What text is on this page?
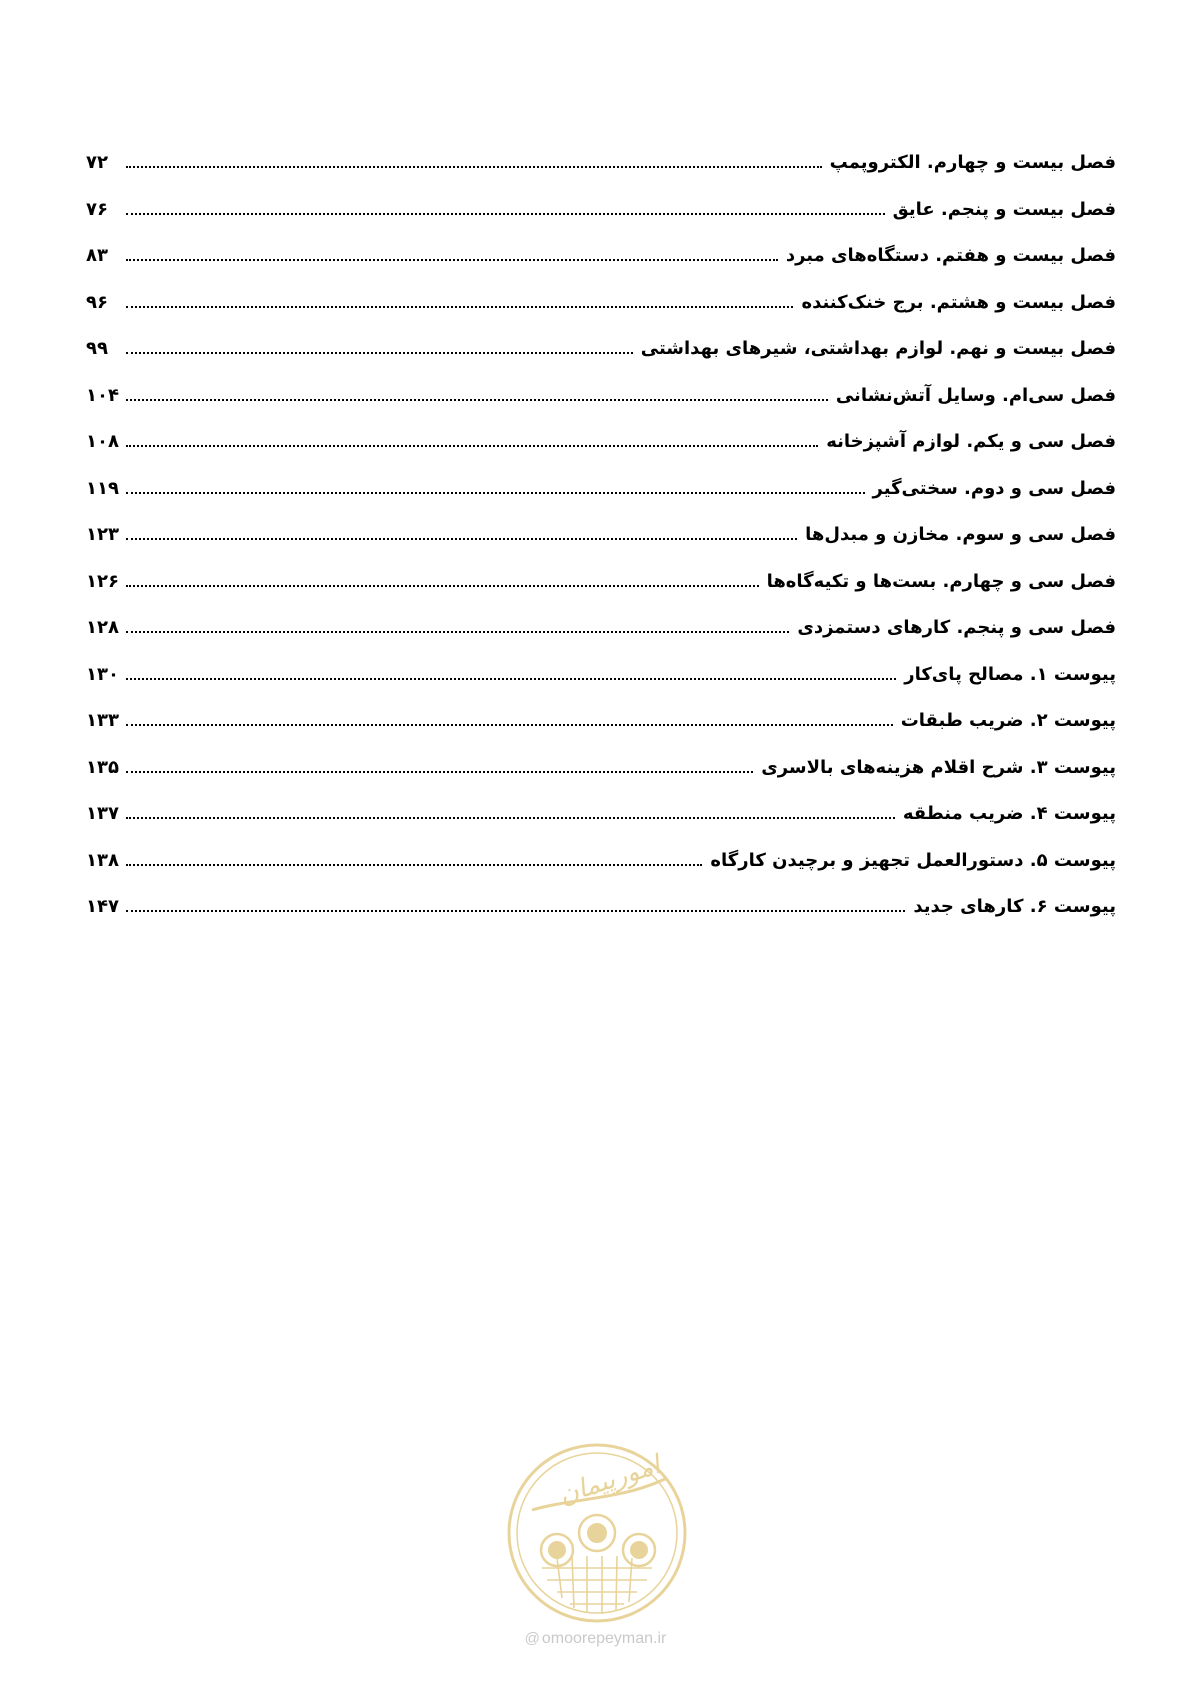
فصل بیست و چهارم. الکتروپمپ
۷۲
فصل بیست و پنجم. عایق
۷۶
فصل بیست و هفتم. دستگاه‌های مبرد
۸۳
فصل بیست و هشتم. برج خنک‌کننده
۹۶
فصل بیست و نهم. لوازم بهداشتی، شیرهای بهداشتی
۹۹
فصل سی‌ام. وسایل آتش‌نشانی
۱۰۴
فصل سی و یکم. لوازم آشپزخانه
۱۰۸
فصل سی و دوم. سختی‌گیر
۱۱۹
فصل سی و سوم. مخازن و مبدل‌ها
۱۲۳
فصل سی و چهارم. بست‌ها و تکیه‌گاه‌ها
۱۲۶
فصل سی و پنجم. کارهای دستمزدی
۱۲۸
پیوست ۱. مصالح پای‌کار
۱۳۰
پیوست ۲. ضریب طبقات
۱۳۳
پیوست ۳. شرح اقلام هزینه‌های بالاسری
۱۳۵
پیوست ۴. ضریب منطقه
۱۳۷
پیوست ۵. دستورالعمل تجهیز و برچیدن کارگاه
۱۳۸
پیوست ۶. کارهای جدید
۱۴۷
امورپیمان
@ omoorepeyman.ir
